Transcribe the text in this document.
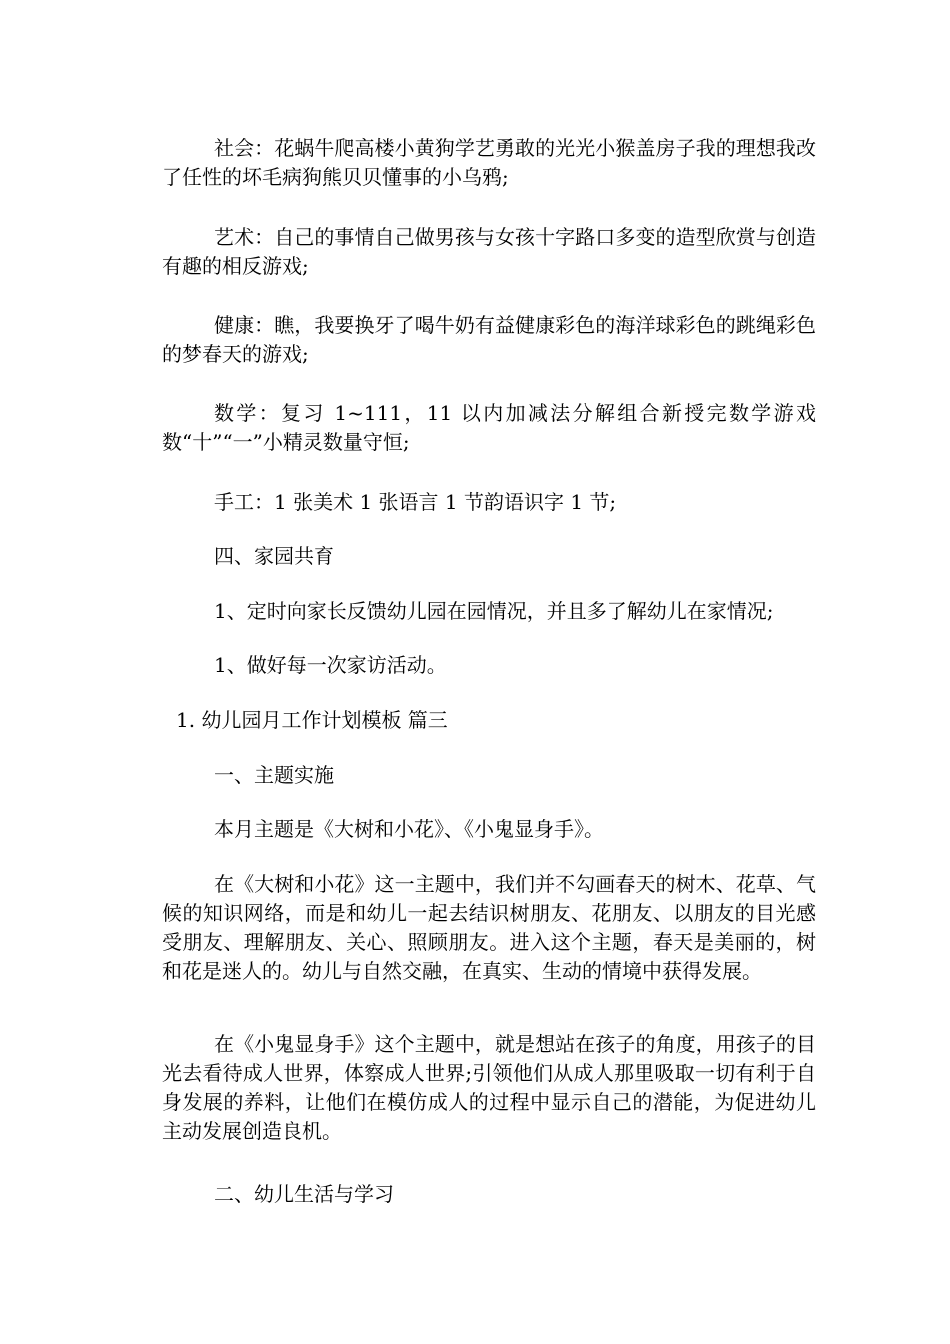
社会：花蜗牛爬高楼小黄狗学艺勇敢的光光小猴盖房子我的理想我改了任性的坏毛病狗熊贝贝懂事的小乌鸦;

艺术：自己的事情自己做男孩与女孩十字路口多变的造型欣赏与创造有趣的相反游戏;

健康：瞧，我要换牙了喝牛奶有益健康彩色的海洋球彩色的跳绳彩色的梦春天的游戏;

数学：复习 1~111，11 以内加减法分解组合新授完数学游戏数“十”“一”小精灵数量守恒;

手工：1 张美术 1 张语言 1 节韵语识字 1 节;

四、家园共育

1、定时向家长反馈幼儿园在园情况，并且多了解幼儿在家情况;

1、做好每一次家访活动。

1. 幼儿园月工作计划模板 篇三

一、主题实施

本月主题是《大树和小花》、《小鬼显身手》。

在《大树和小花》这一主题中，我们并不勾画春天的树木、花草、气候的知识网络，而是和幼儿一起去结识树朋友、花朋友、以朋友的目光感受朋友、理解朋友、关心、照顾朋友。进入这个主题，春天是美丽的，树和花是迷人的。幼儿与自然交融，在真实、生动的情境中获得发展。

在《小鬼显身手》这个主题中，就是想站在孩子的角度，用孩子的目光去看待成人世界，体察成人世界;引领他们从成人那里吸取一切有利于自身发展的养料，让他们在模仿成人的过程中显示自己的潜能，为促进幼儿主动发展创造良机。

二、幼儿生活与学习
